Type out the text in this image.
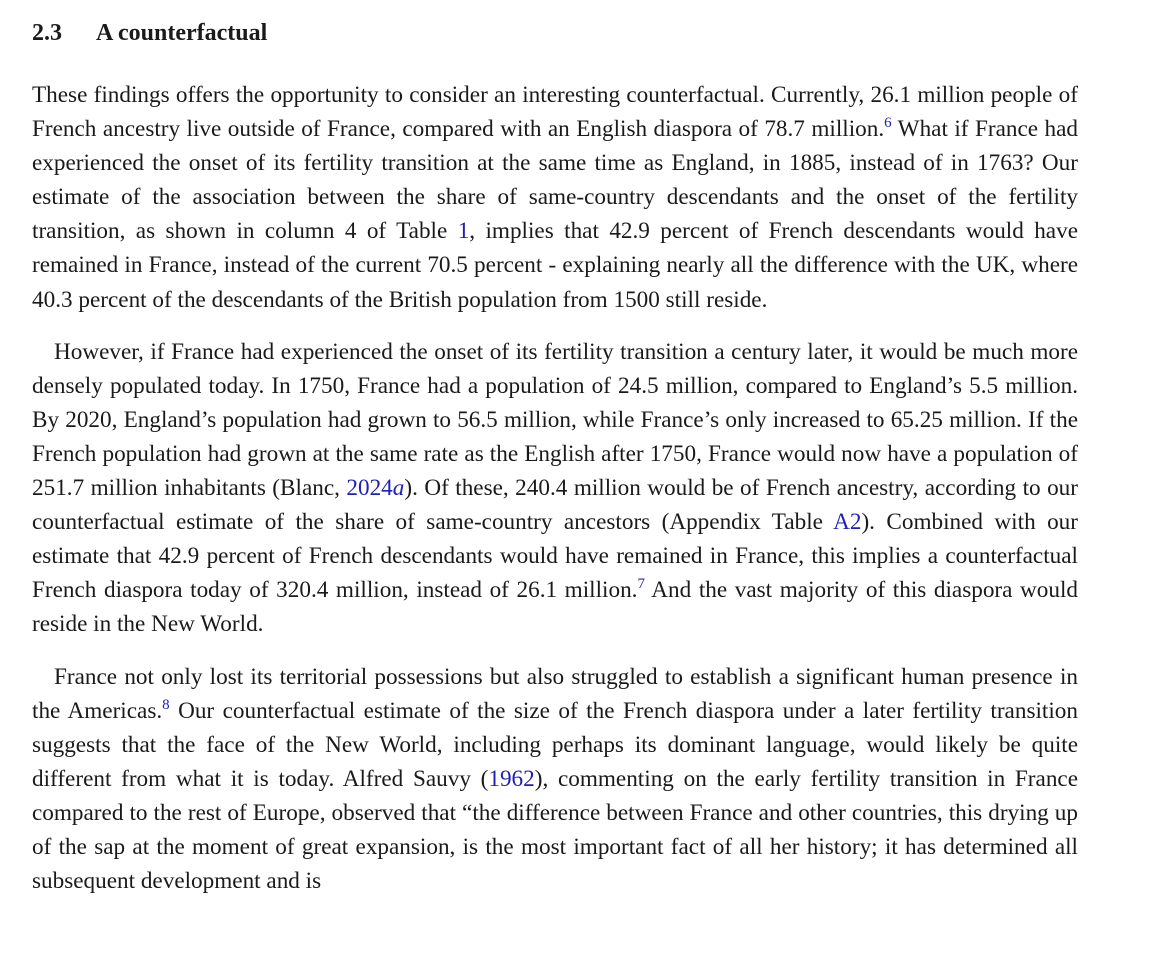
2.3 A counterfactual

These findings offers the opportunity to consider an interesting counterfactual. Currently, 26.1 million people of French ancestry live outside of France, compared with an English diaspora of 78.7 million.$^6$ What if France had experienced the onset of its fertility transition at the same time as England, in 1885, instead of in 1763? Our estimate of the association between the share of same-country descendants and the onset of the fertility transition, as shown in column 4 of Table 1, implies that 42.9 percent of French descendants would have remained in France, instead of the current 70.5 percent - explaining nearly all the difference with the UK, where 40.3 percent of the descendants of the British population from 1500 still reside.

However, if France had experienced the onset of its fertility transition a century later, it would be much more densely populated today. In 1750, France had a population of 24.5 million, compared to England’s 5.5 million. By 2020, England’s population had grown to 56.5 million, while France’s only increased to 65.25 million. If the French population had grown at the same rate as the English after 1750, France would now have a population of 251.7 million inhabitants (Blanc, 2024a). Of these, 240.4 million would be of French ancestry, according to our counterfactual estimate of the share of same-country ancestors (Appendix Table A2). Combined with our estimate that 42.9 percent of French descendants would have remained in France, this implies a counterfactual French diaspora today of 320.4 million, instead of 26.1 million.$^7$ And the vast majority of this diaspora would reside in the New World.

France not only lost its territorial possessions but also struggled to establish a significant human presence in the Americas.$^8$ Our counterfactual estimate of the size of the French diaspora under a later fertility transition suggests that the face of the New World, including perhaps its dominant language, would likely be quite different from what it is today. Alfred Sauvy (1962), commenting on the early fertility transition in France compared to the rest of Europe, observed that “the difference between France and other countries, this drying up of the sap at the moment of great expansion, is the most important fact of all her history; it has determined all subsequent development and is
